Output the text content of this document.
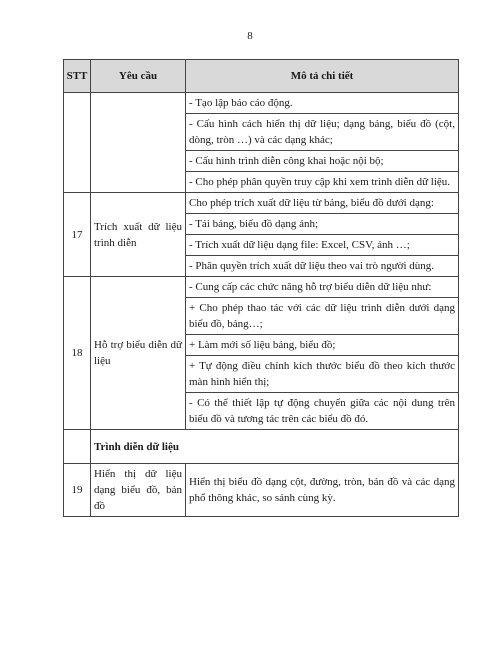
8
STT	Yêu cầu	Mô tả chi tiết

		- Tạo lập báo cáo động.
- Cấu hình cách hiển thị dữ liệu; dạng bảng, biểu đồ (cột, dòng, tròn …) và các dạng khác;
- Cấu hình trình diễn công khai hoặc nội bộ;
- Cho phép phân quyền truy cập khi xem trình diễn dữ liệu.

17	Trích xuất dữ liệu trình diễn	Cho phép trích xuất dữ liệu từ bảng, biểu đồ dưới dạng:
- Tải bảng, biểu đồ dạng ảnh;
- Trích xuất dữ liệu dạng file: Excel, CSV, ảnh …;
- Phân quyền trích xuất dữ liệu theo vai trò người dùng.

18	Hỗ trợ biểu diễn dữ liệu	- Cung cấp các chức năng hỗ trợ biểu diễn dữ liệu như:
+ Cho phép thao tác với các dữ liệu trình diễn dưới dạng biểu đồ, bảng…;
+ Làm mới số liệu bảng, biểu đồ;
+ Tự động điều chỉnh kích thước biểu đồ theo kích thước màn hình hiển thị;
- Có thể thiết lập tự động chuyển giữa các nội dung trên biểu đồ và tương tác trên các biểu đồ đó.

	Trình diễn dữ liệu	
19	Hiển thị dữ liệu dạng biểu đồ, bản đồ	Hiển thị biểu đồ dạng cột, đường, tròn, bản đồ và các dạng phổ thông khác, so sánh cùng kỳ.
